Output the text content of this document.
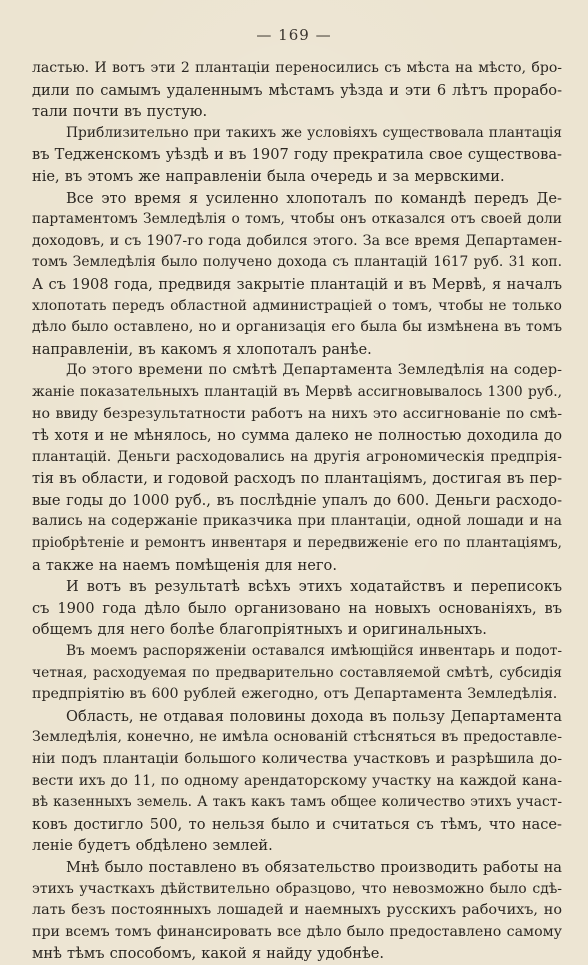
— 169 —
ластью. И вотъ эти 2 плантаціи переносились съ мѣста на мѣсто, бро-
дили по самымъ удаленнымъ мѣстамъ уѣзда и эти 6 лѣтъ прорабо-
тали почти въ пустую.
Приблизительно при такихъ же условіяхъ существовала плантація
въ Тедженскомъ уѣздѣ и въ 1907 году прекратила свое существова-
ніе, въ этомъ же направленіи была очередь и за мервскими.
Все это время я усиленно хлопоталъ по командѣ передъ Де-
партаментомъ Земледѣлія о томъ, чтобы онъ отказался отъ своей доли
доходовъ, и съ 1907-го года добился этого. За все время Департамен-
томъ Земледѣлія было получено дохода съ плантацій 1617 руб. 31 коп.
А съ 1908 года, предвидя закрытіе плантацій и въ Мервѣ, я началъ
хлопотать передъ областной администраціей о томъ, чтобы не только
дѣло было оставлено, но и организація его была бы измѣнена въ томъ
направленіи, въ какомъ я хлопоталъ ранѣе.
До этого времени по смѣтѣ Департамента Земледѣлія на содер-
жаніе показательныхъ плантацій въ Мервѣ ассигновывалось 1300 руб.,
но ввиду безрезультатности работъ на нихъ это ассигнованіе по смѣ-
тѣ хотя и не мѣнялось, но сумма далеко не полностью доходила до
плантацій. Деньги расходовались на другія агрономическія предпрія-
тія въ области, и годовой расходъ по плантаціямъ, достигая въ пер-
вые годы до 1000 руб., въ послѣдніе упалъ до 600. Деньги расходо-
вались на содержаніе приказчика при плантаціи, одной лошади и на
пріобрѣтеніе и ремонтъ инвентаря и передвиженіе его по плантаціямъ,
а также на наемъ помѣщенія для него.
И вотъ въ результатѣ всѣхъ этихъ ходатайствъ и переписокъ
съ 1900 года дѣло было организовано на новыхъ основаніяхъ, въ
общемъ для него болѣе благопріятныхъ и оригинальныхъ.
Въ моемъ распоряженіи оставался имѣющійся инвентарь и подот-
четная, расходуемая по предварительно составляемой смѣтѣ, субсидія
предпріятію въ 600 рублей ежегодно, отъ Департамента Земледѣлія.
Область, не отдавая половины дохода въ пользу Департамента
Земледѣлія, конечно, не имѣла основаній стѣсняться въ предоставле-
ніи подъ плантаціи большого количества участковъ и разрѣшила до-
вести ихъ до 11, по одному арендаторскому участку на каждой кана-
вѣ казенныхъ земель. А такъ какъ тамъ общее количество этихъ участ-
ковъ достигло 500, то нельзя было и считаться съ тѣмъ, что насе-
леніе будетъ обдѣлено землей.
Мнѣ было поставлено въ обязательство производить работы на
этихъ участкахъ дѣйствительно образцово, что невозможно было сдѣ-
лать безъ постоянныхъ лошадей и наемныхъ русскихъ рабочихъ, но
при всемъ томъ финансировать все дѣло было предоставлено самому
мнѣ тѣмъ способомъ, какой я найду удобнѣе.
